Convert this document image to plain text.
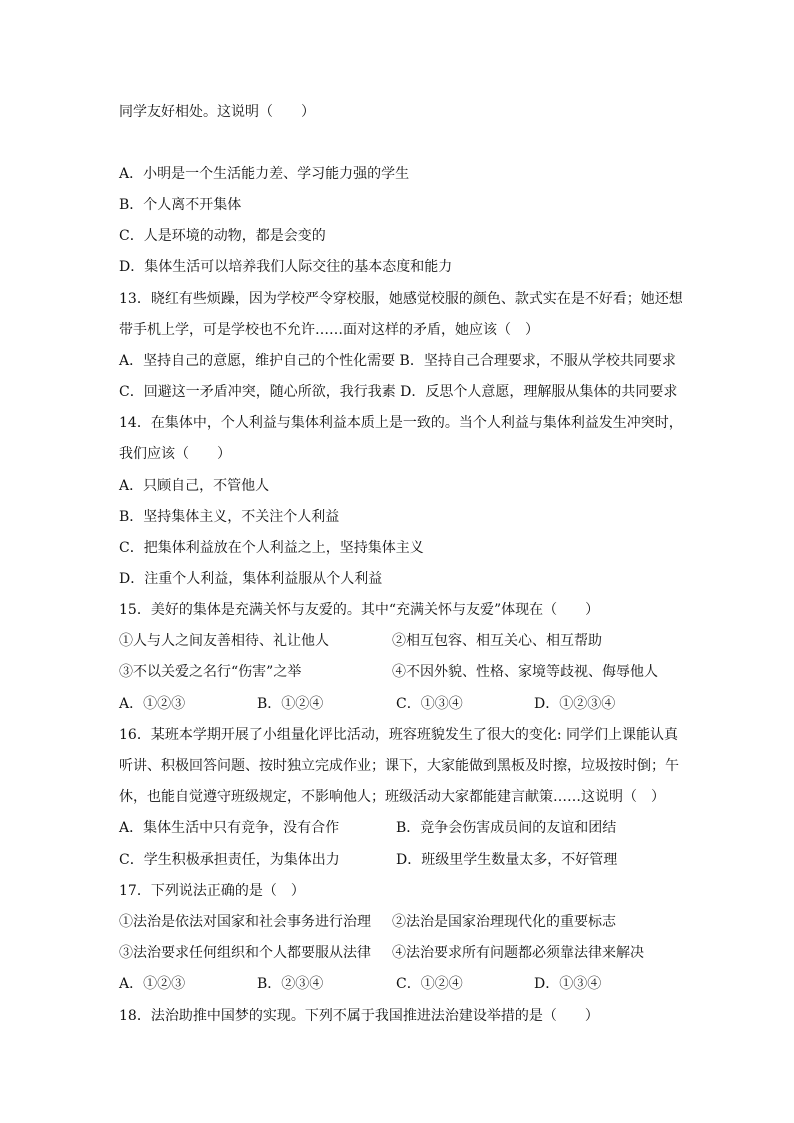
同学友好相处。这说明（　　）
A．小明是一个生活能力差、学习能力强的学生
B．个人离不开集体
C．人是环境的动物，都是会变的
D．集体生活可以培养我们人际交往的基本态度和能力
13．晓红有些烦躁，因为学校严令穿校服，她感觉校服的颜色、款式实在是不好看；她还想
带手机上学，可是学校也不允许……面对这样的矛盾，她应该（　）
A．坚持自己的意愿，维护自己的个性化需要 B．坚持自己合理要求，不服从学校共同要求
C．回避这一矛盾冲突，随心所欲，我行我素 D．反思个人意愿，理解服从集体的共同要求
14．在集体中，个人利益与集体利益本质上是一致的。当个人利益与集体利益发生冲突时，
我们应该（　　）
A．只顾自己，不管他人
B．坚持集体主义，不关注个人利益
C．把集体利益放在个人利益之上，坚持集体主义
D．注重个人利益，集体利益服从个人利益
15．美好的集体是充满关怀与友爱的。其中“充满关怀与友爱”体现在（　　）
①人与人之间友善相待、礼让他人	②相互包容、相互关心、相互帮助
③不以关爱之名行“伤害”之举	④不因外貌、性格、家境等歧视、侮辱他人
A．①②③	B．①②④	C．①③④	D．①②③④
16．某班本学期开展了小组量化评比活动，班容班貌发生了很大的变化: 同学们上课能认真
听讲、积极回答问题、按时独立完成作业；课下，大家能做到黑板及时擦，垃圾按时倒；午
休，也能自觉遵守班级规定，不影响他人；班级活动大家都能建言献策……这说明（　）
A．集体生活中只有竞争，没有合作	B．竞争会伤害成员间的友谊和团结
C．学生积极承担责任，为集体出力	D．班级里学生数量太多，不好管理
17．下列说法正确的是（　）
①法治是依法对国家和社会事务进行治理 ②法治是国家治理现代化的重要标志
③法治要求任何组织和个人都要服从法律 ④法治要求所有问题都必须靠法律来解决
A．①②③	B．②③④	C．①②④	D．①③④
18．法治助推中国梦的实现。下列不属于我国推进法治建设举措的是（　　）
